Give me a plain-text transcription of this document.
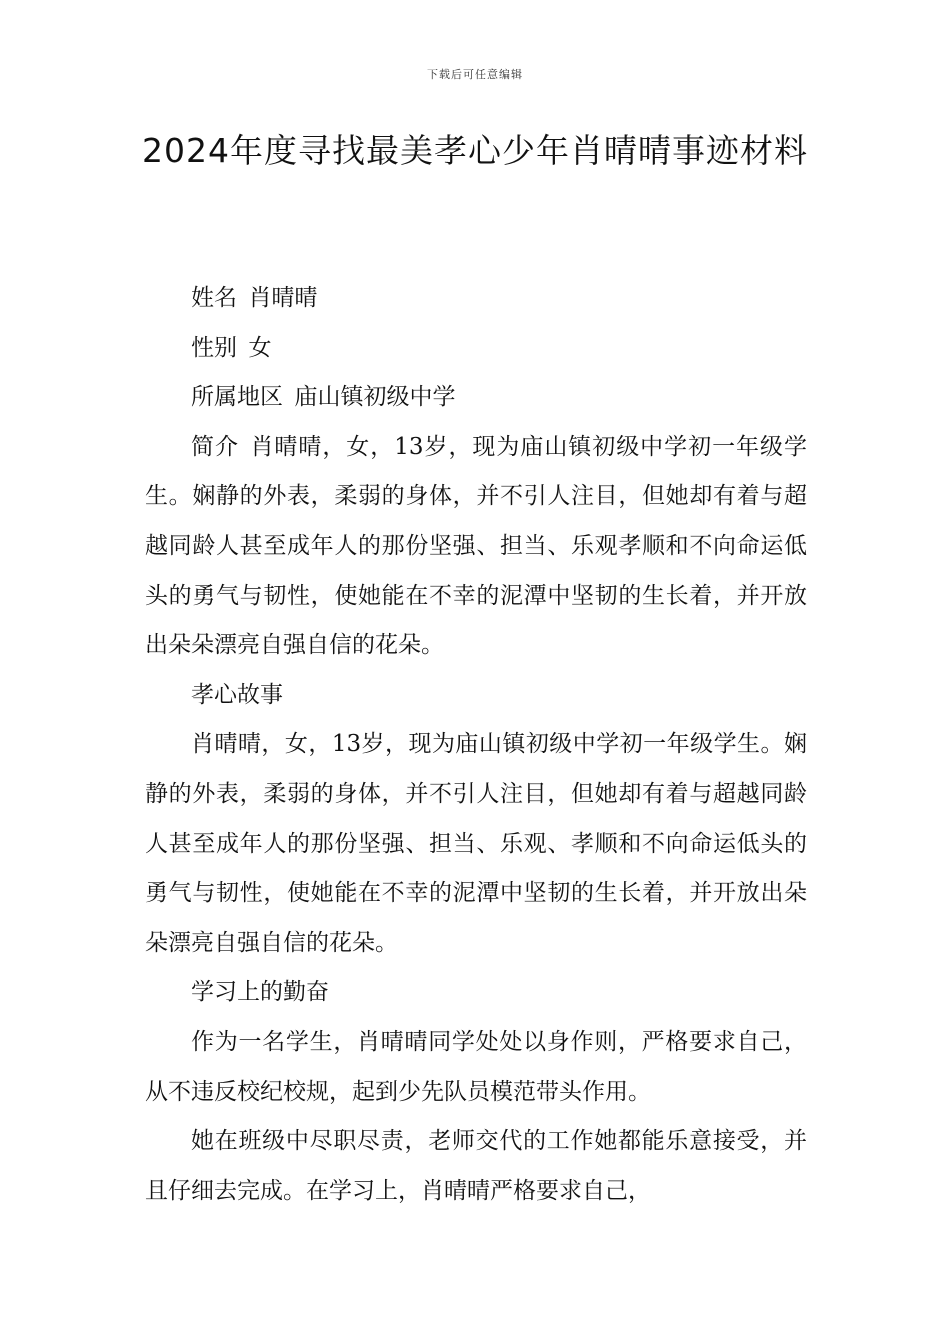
下载后可任意编辑
2024年度寻找最美孝心少年肖晴晴事迹材料

姓名 肖晴晴

性别 女

所属地区 庙山镇初级中学

简介 肖晴晴，女，13岁，现为庙山镇初级中学初一年级学生。娴静的外表，柔弱的身体，并不引人注目，但她却有着与超越同龄人甚至成年人的那份坚强、担当、乐观孝顺和不向命运低头的勇气与韧性，使她能在不幸的泥潭中坚韧的生长着，并开放出朵朵漂亮自强自信的花朵。

孝心故事

肖晴晴，女，13岁，现为庙山镇初级中学初一年级学生。娴静的外表，柔弱的身体，并不引人注目，但她却有着与超越同龄人甚至成年人的那份坚强、担当、乐观、孝顺和不向命运低头的勇气与韧性，使她能在不幸的泥潭中坚韧的生长着，并开放出朵朵漂亮自强自信的花朵。

学习上的勤奋

作为一名学生，肖晴晴同学处处以身作则，严格要求自己，从不违反校纪校规，起到少先队员模范带头作用。

她在班级中尽职尽责，老师交代的工作她都能乐意接受，并且仔细去完成。在学习上，肖晴晴严格要求自己，
